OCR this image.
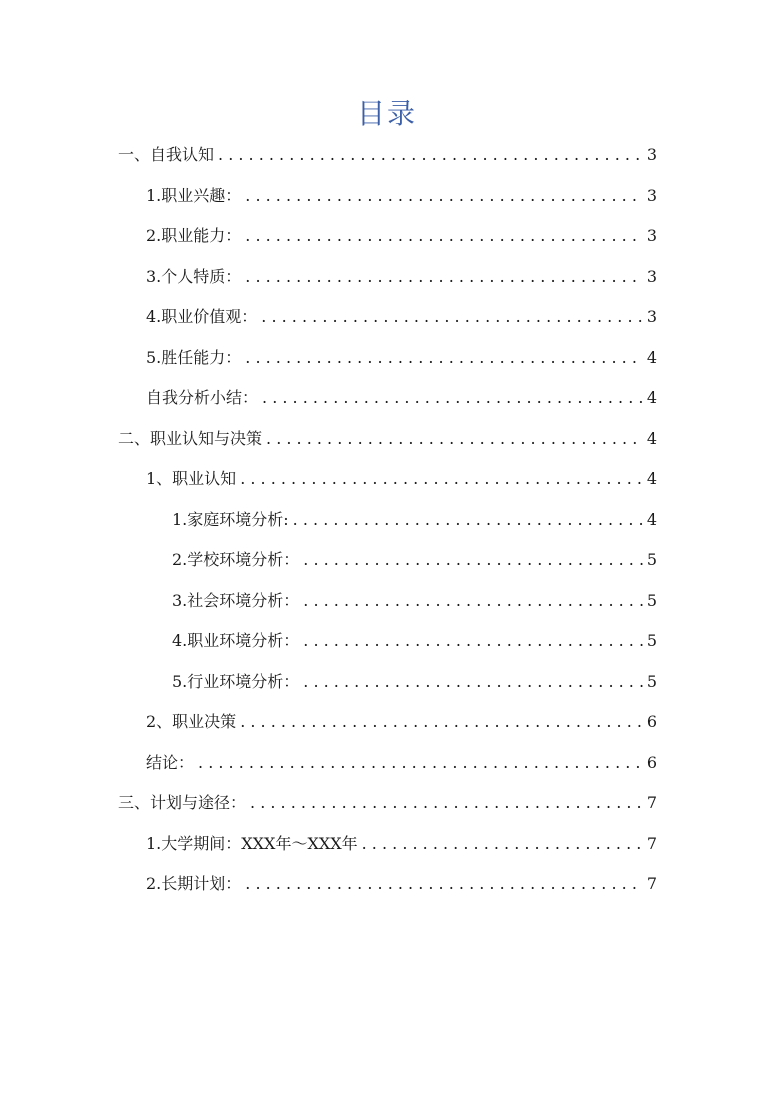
目录
一、自我认知 . . .	3
1.职业兴趣： . . .	3
2.职业能力： . . .	3
3.个人特质： . . .	3
4.职业价值观： . . .	3
5.胜任能力： . . .	4
自我分析小结： . . .	4
二、职业认知与决策 . . .	4
1、职业认知 . . .	4
1.家庭环境分析: . . .	4
2.学校环境分析： . . .	5
3.社会环境分析： . . .	5
4.职业环境分析： . . .	5
5.行业环境分析： . . .	5
2、职业决策 . . .	6
结论： . . .	6
三、计划与途径： . . .	7
1.大学期间：XXX年～XXX年 . . .	7
2.长期计划： . . .	7
